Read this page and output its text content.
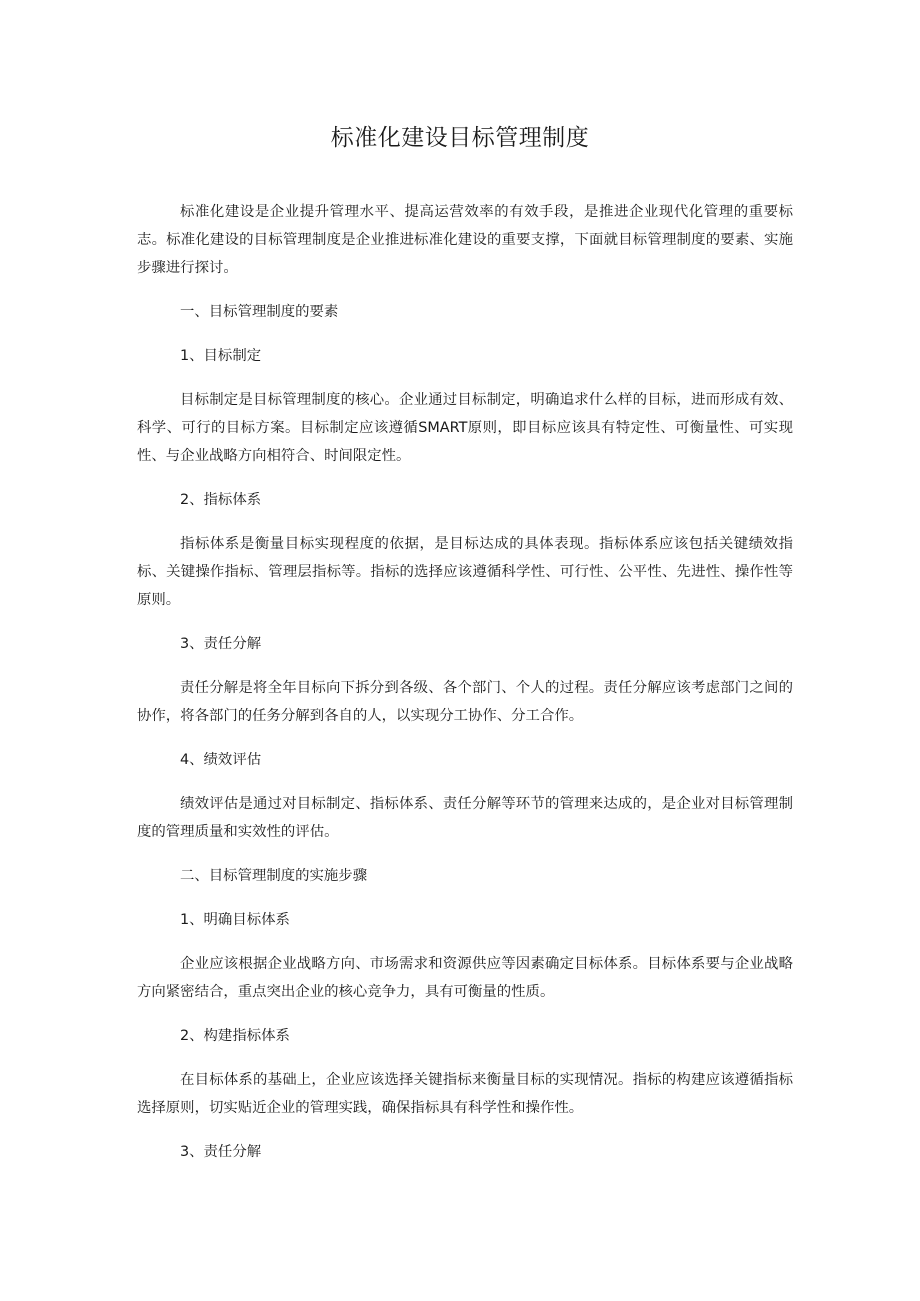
标准化建设目标管理制度

标准化建设是企业提升管理水平、提高运营效率的有效手段，是推进企业现代化管理的重要标志。标准化建设的目标管理制度是企业推进标准化建设的重要支撑，下面就目标管理制度的要素、实施步骤进行探讨。

一、目标管理制度的要素

1、目标制定

目标制定是目标管理制度的核心。企业通过目标制定，明确追求什么样的目标，进而形成有效、科学、可行的目标方案。目标制定应该遵循SMART原则，即目标应该具有特定性、可衡量性、可实现性、与企业战略方向相符合、时间限定性。

2、指标体系

指标体系是衡量目标实现程度的依据，是目标达成的具体表现。指标体系应该包括关键绩效指标、关键操作指标、管理层指标等。指标的选择应该遵循科学性、可行性、公平性、先进性、操作性等原则。

3、责任分解

责任分解是将全年目标向下拆分到各级、各个部门、个人的过程。责任分解应该考虑部门之间的协作，将各部门的任务分解到各自的人，以实现分工协作、分工合作。

4、绩效评估

绩效评估是通过对目标制定、指标体系、责任分解等环节的管理来达成的，是企业对目标管理制度的管理质量和实效性的评估。

二、目标管理制度的实施步骤

1、明确目标体系

企业应该根据企业战略方向、市场需求和资源供应等因素确定目标体系。目标体系要与企业战略方向紧密结合，重点突出企业的核心竞争力，具有可衡量的性质。

2、构建指标体系

在目标体系的基础上，企业应该选择关键指标来衡量目标的实现情况。指标的构建应该遵循指标选择原则，切实贴近企业的管理实践，确保指标具有科学性和操作性。

3、责任分解
